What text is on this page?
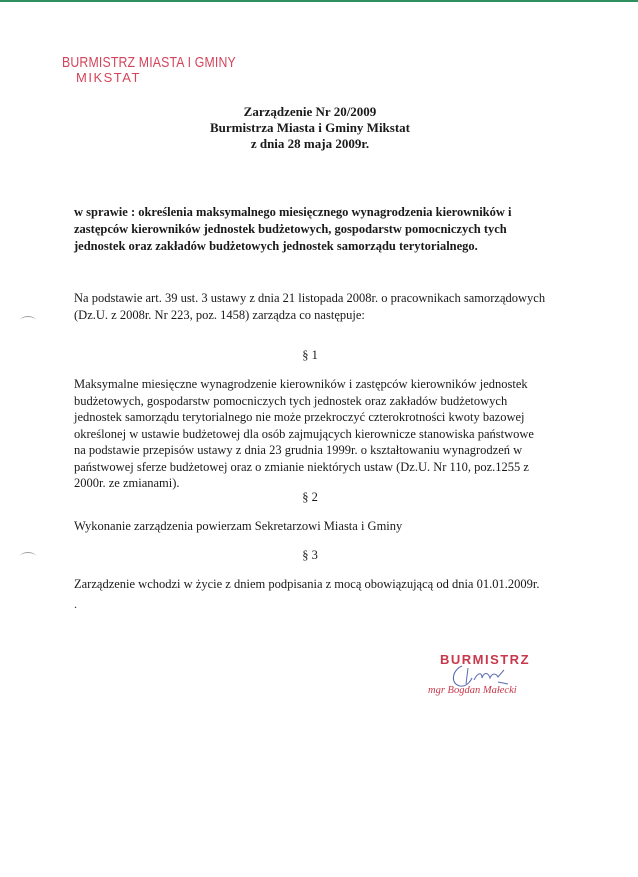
BURMISTRZ MIASTA I GMINY
MIKSTAT
Zarządzenie Nr 20/2009
Burmistrza Miasta i Gminy Mikstat
z dnia 28 maja 2009r.
w sprawie : określenia maksymalnego miesięcznego wynagrodzenia kierowników i
zastępców kierowników jednostek budżetowych, gospodarstw pomocniczych tych
jednostek oraz zakładów budżetowych jednostek samorządu terytorialnego.
Na podstawie art. 39 ust. 3 ustawy z dnia 21 listopada 2008r. o pracownikach samorządowych
(Dz.U. z 2008r. Nr 223, poz. 1458) zarządza co następuje:
§ 1
Maksymalne miesięczne wynagrodzenie kierowników i zastępców kierowników jednostek
budżetowych, gospodarstw pomocniczych tych jednostek oraz zakładów budżetowych
jednostek samorządu terytorialnego nie może przekroczyć czterokrotności kwoty bazowej
określonej w ustawie budżetowej dla osób zajmujących kierownicze stanowiska państwowe
na podstawie przepisów ustawy z dnia 23 grudnia 1999r. o kształtowaniu wynagrodzeń w
państwowej sferze budżetowej oraz o zmianie niektórych ustaw (Dz.U. Nr 110, poz.1255 z
2000r. ze zmianami).
§ 2
Wykonanie zarządzenia powierzam Sekretarzowi Miasta i Gminy
§ 3
Zarządzenie wchodzi w życie z dniem podpisania z mocą obowiązującą od dnia 01.01.2009r.
.
BURMISTRZ
mgr Bogdan Małecki
